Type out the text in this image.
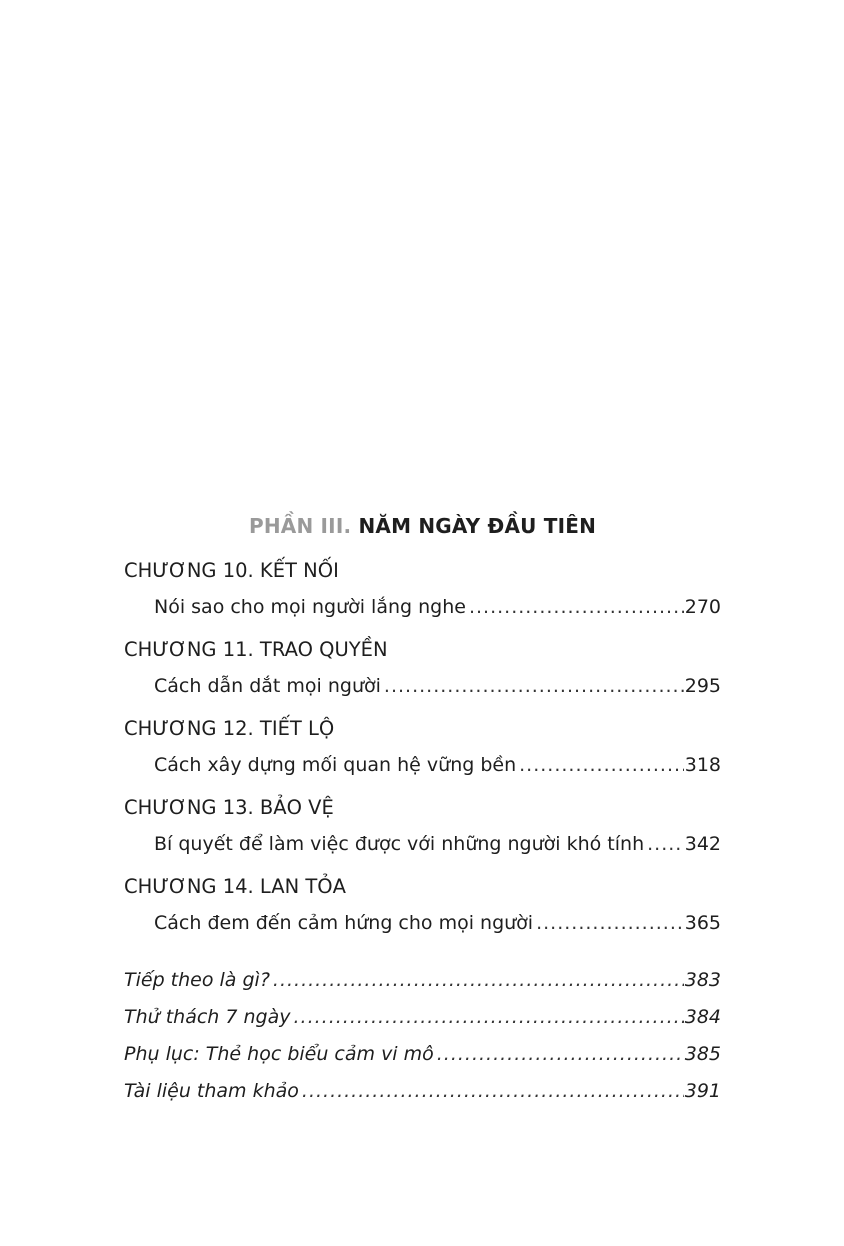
PHẦN III. NĂM NGÀY ĐẦU TIÊN
CHƯƠNG 10. KẾT NỐI
Nói sao cho mọi người lắng nghe .....	270
CHƯƠNG 11. TRAO QUYỀN
Cách dẫn dắt mọi người .....	295
CHƯƠNG 12. TIẾT LỘ
Cách xây dựng mối quan hệ vững bền .....	318
CHƯƠNG 13. BẢO VỆ
Bí quyết để làm việc được với những người khó tính ..... 342
CHƯƠNG 14. LAN TỎA
Cách đem đến cảm hứng cho mọi người .....	365
Tiếp theo là gì? .....	383
Thử thách 7 ngày .....	384
Phụ lục: Thẻ học biểu cảm vi mô .....	385
Tài liệu tham khảo .....	391
